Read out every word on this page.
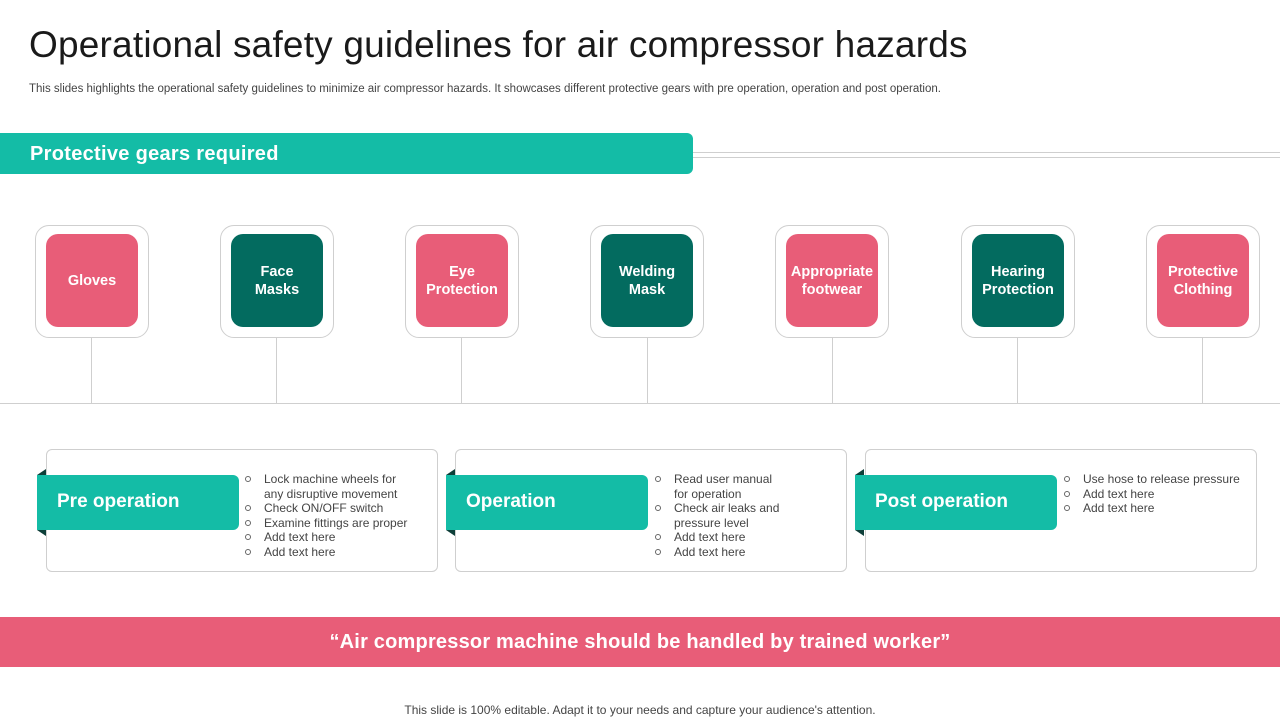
Operational safety guidelines for air compressor hazards

This slides highlights the operational safety guidelines to minimize air compressor hazards. It showcases different protective gears with pre operation, operation and post operation.

Protective gears required
Gloves
Face
Masks
Eye
Protection
Welding
Mask
Appropriate
footwear
Hearing
Protection
Protective
Clothing
Pre operation
Lock machine wheels for
any disruptive movement
Check ON/OFF switch
Examine fittings are proper
Add text here
Add text here
Operation
Read user manual
for operation
Check air leaks and
pressure level
Add text here
Add text here
Post operation
Use hose to release pressure
Add text here
Add text here
“Air compressor machine should be handled by trained worker”
This slide is 100% editable. Adapt it to your needs and capture your audience's attention.
